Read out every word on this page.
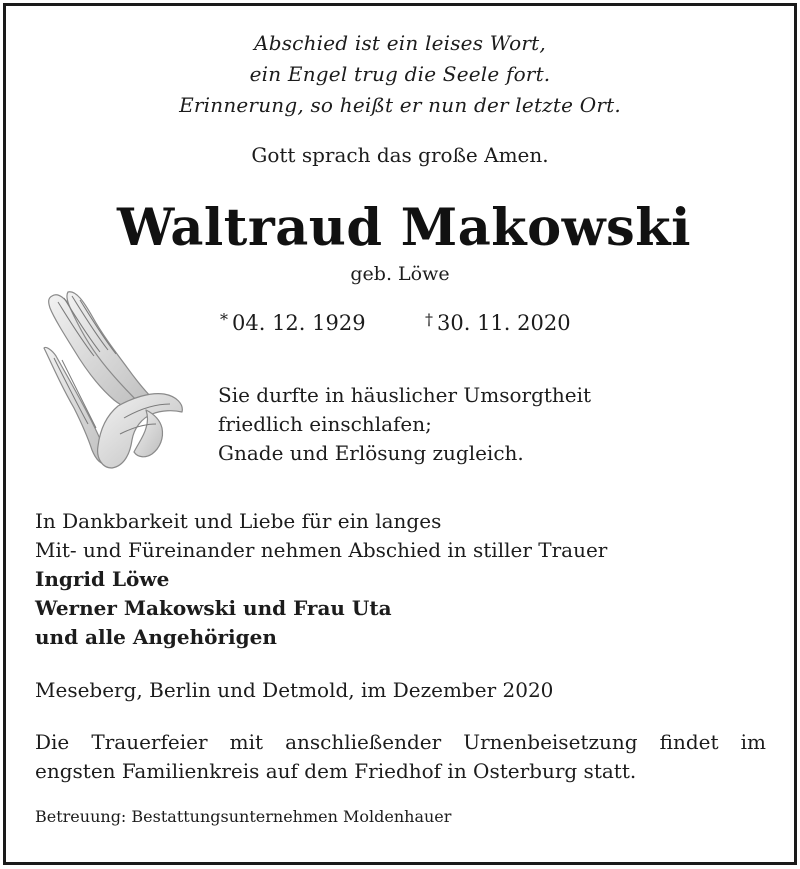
Abschied ist ein leises Wort,
ein Engel trug die Seele fort.
Erinnerung, so heißt er nun der letzte Ort.
Gott sprach das große Amen.
Waltraud Makowski
geb. Löwe
* 04. 12. 1929	† 30. 11. 2020
Sie durfte in häuslicher Umsorgtheit
friedlich einschlafen;
Gnade und Erlösung zugleich.
In Dankbarkeit und Liebe für ein langes
Mit- und Füreinander nehmen Abschied in stiller Trauer
Ingrid Löwe
Werner Makowski und Frau Uta
und alle Angehörigen
Meseberg, Berlin und Detmold, im Dezember 2020
Die Trauerfeier mit anschließender Urnenbeisetzung findet im
engsten Familienkreis auf dem Friedhof in Osterburg statt.
Betreuung: Bestattungsunternehmen Moldenhauer
